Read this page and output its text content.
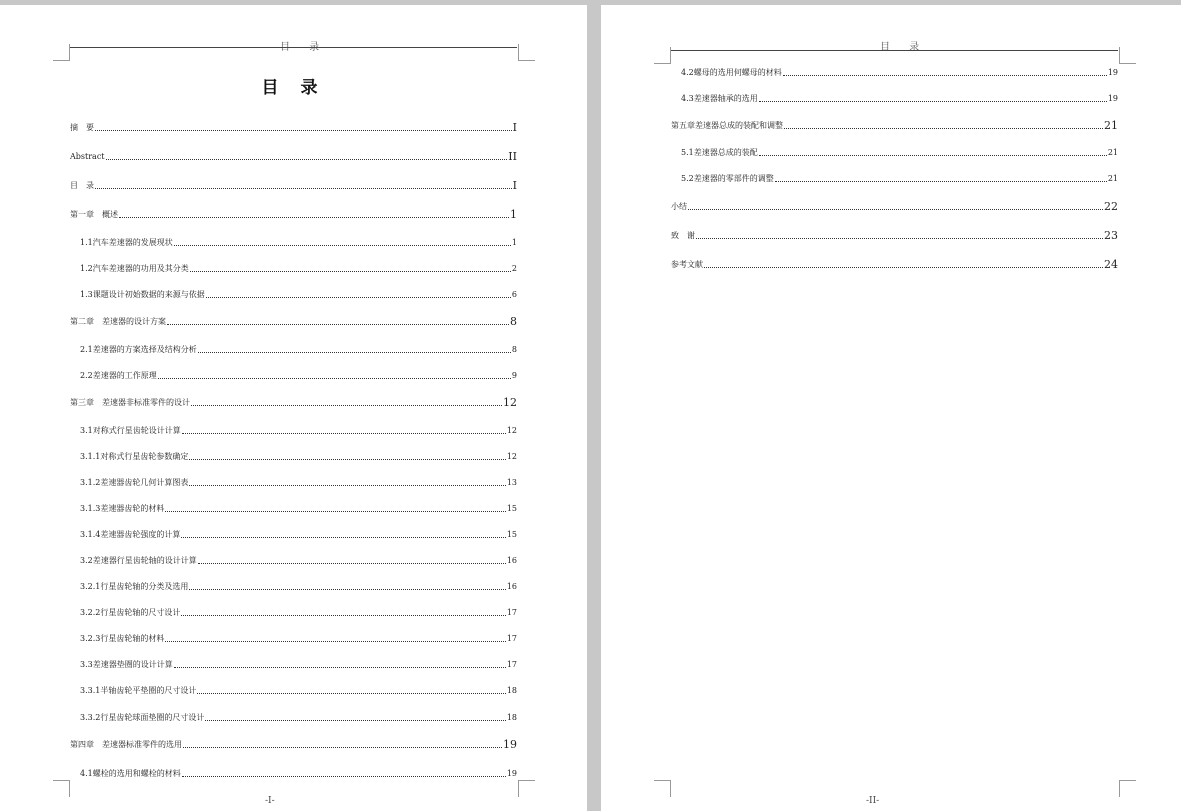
目 录
目 录
摘　要	I
Abstract	II
目　录	I
第一章　概述	1
1.1汽车差速器的发展现状	1
1.2汽车差速器的功用及其分类	2
1.3课题设计初始数据的来源与依据	6
第二章　差速器的设计方案	8
2.1差速器的方案选择及结构分析	8
2.2差速器的工作原理	9
第三章　差速器非标准零件的设计	12
3.1对称式行星齿轮设计计算	12
3.1.1对称式行星齿轮参数确定	12
3.1.2差速器齿轮几何计算图表	13
3.1.3差速器齿轮的材料	15
3.1.4差速器齿轮强度的计算	15
3.2差速器行星齿轮轴的设计计算	16
3.2.1行星齿轮轴的分类及选用	16
3.2.2行星齿轮轴的尺寸设计	17
3.2.3行星齿轮轴的材料	17
3.3差速器垫圈的设计计算	17
3.3.1半轴齿轮平垫圈的尺寸设计	18
3.3.2行星齿轮球面垫圈的尺寸设计	18
第四章　差速器标准零件的选用	19
4.1螺栓的选用和螺栓的材料	19
-I-
目 录
4.2螺母的选用何螺母的材料	19
4.3差速器轴承的选用	19
第五章差速器总成的装配和调整	21
5.1差速器总成的装配	21
5.2差速器的零部件的调整	21
小结	22
致　谢	23
参考文献	24
-II-
